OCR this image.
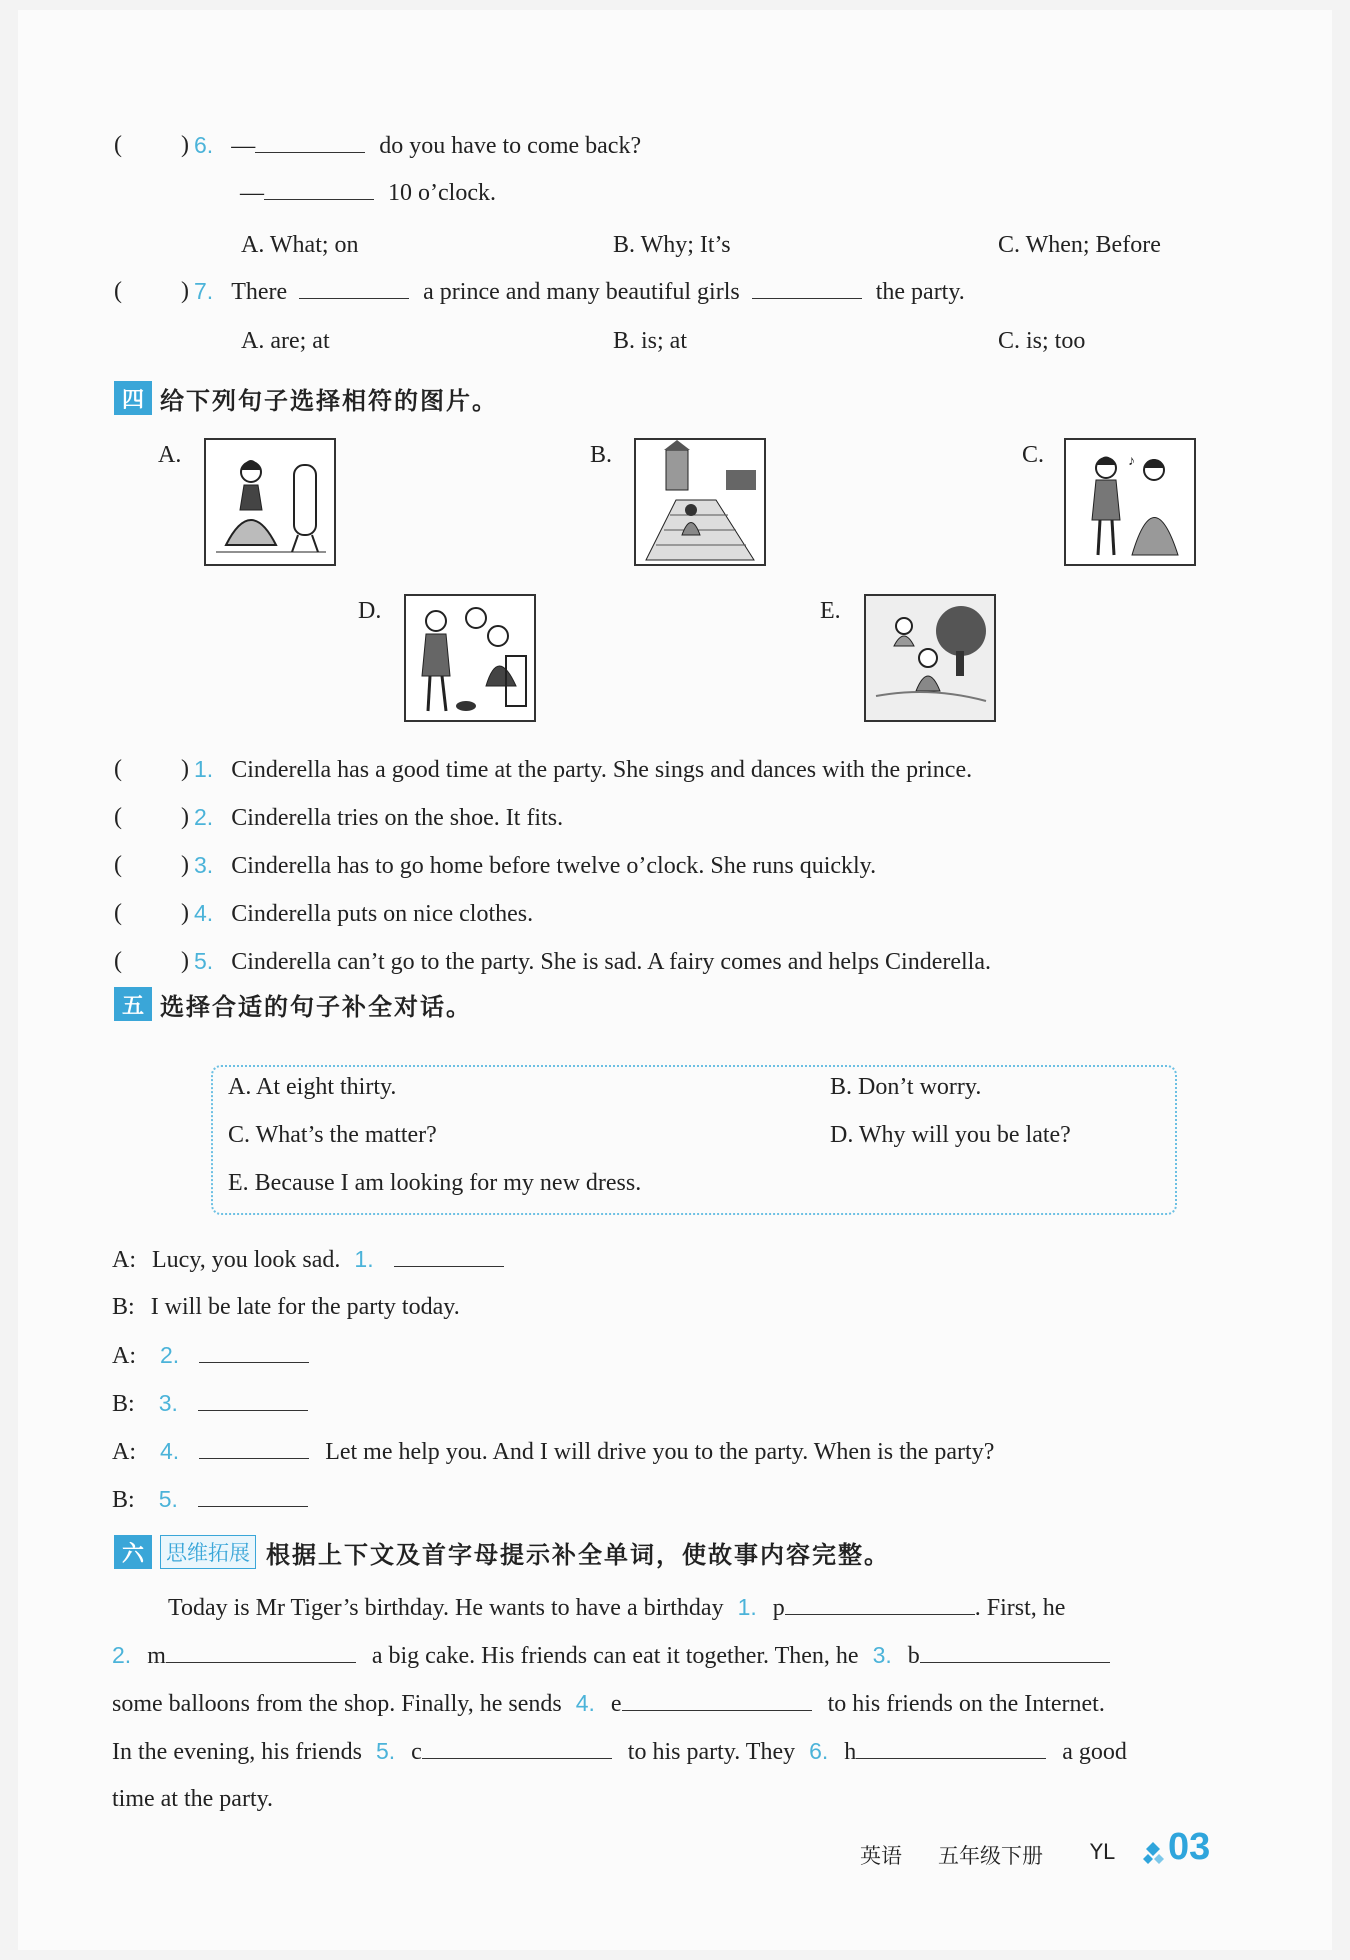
( ) 6. —	do you have to come back?
—	10 o’clock.
A. What; on	B. Why; It’s	C. When; Before
( ) 7. There	a prince and many beautiful girls	the party.
A. are; at	B. is; at	C. is; too
四 给下列句子选择相符的图片。
A.	B.	C.	♪
D.	E.
( ) 1. Cinderella has a good time at the party. She sings and dances with the prince.
( ) 2. Cinderella tries on the shoe. It fits.
( ) 3. Cinderella has to go home before twelve o’clock. She runs quickly.
( ) 4. Cinderella puts on nice clothes.
( ) 5. Cinderella can’t go to the party. She is sad. A fairy comes and helps Cinderella.
五 选择合适的句子补全对话。
A. At eight thirty.	B. Don’t worry.
C. What’s the matter?	D. Why will you be late?
E. Because I am looking for my new dress.
A: Lucy, you look sad. 1.
B: I will be late for the party today.
A: 2.
B: 3.
A: 4.	Let me help you. And I will drive you to the party. When is the party?
B: 5.
六	思维拓展 根据上下文及首字母提示补全单词，使故事内容完整。
Today is Mr Tiger’s birthday. He wants to have a birthday 1. p	. First, he
2. m	a big cake. His friends can eat it together. Then, he 3. b
some balloons from the shop. Finally, he sends 4. e	to his friends on the Internet.
In the evening, his friends 5. c	to his party. They 6. h	a good
time at the party.
英语 五年级下册 YL 03
